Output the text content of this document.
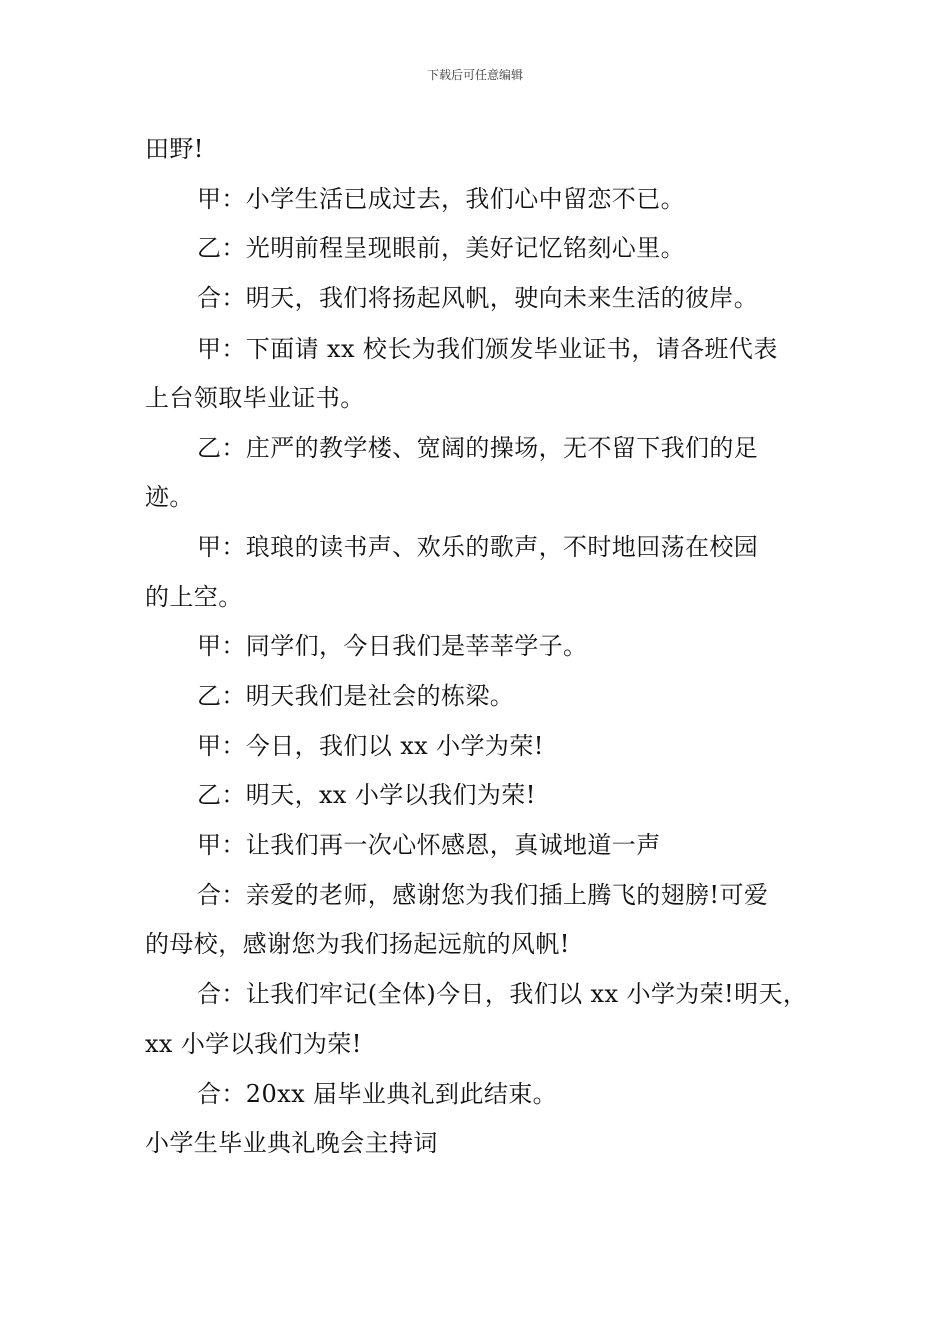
下载后可任意编辑
田野!
甲：小学生活已成过去，我们心中留恋不已。
乙：光明前程呈现眼前，美好记忆铭刻心里。
合：明天，我们将扬起风帆，驶向未来生活的彼岸。
甲：下面请 xx 校长为我们颁发毕业证书，请各班代表
上台领取毕业证书。
乙：庄严的教学楼、宽阔的操场，无不留下我们的足
迹。
甲：琅琅的读书声、欢乐的歌声，不时地回荡在校园
的上空。
甲：同学们，今日我们是莘莘学子。
乙：明天我们是社会的栋梁。
甲：今日，我们以 xx 小学为荣!
乙：明天，xx 小学以我们为荣!
甲：让我们再一次心怀感恩，真诚地道一声
合：亲爱的老师，感谢您为我们插上腾飞的翅膀!可爱
的母校，感谢您为我们扬起远航的风帆!
合：让我们牢记(全体)今日，我们以 xx 小学为荣!明天，
xx 小学以我们为荣!
合：20xx 届毕业典礼到此结束。
小学生毕业典礼晚会主持词
